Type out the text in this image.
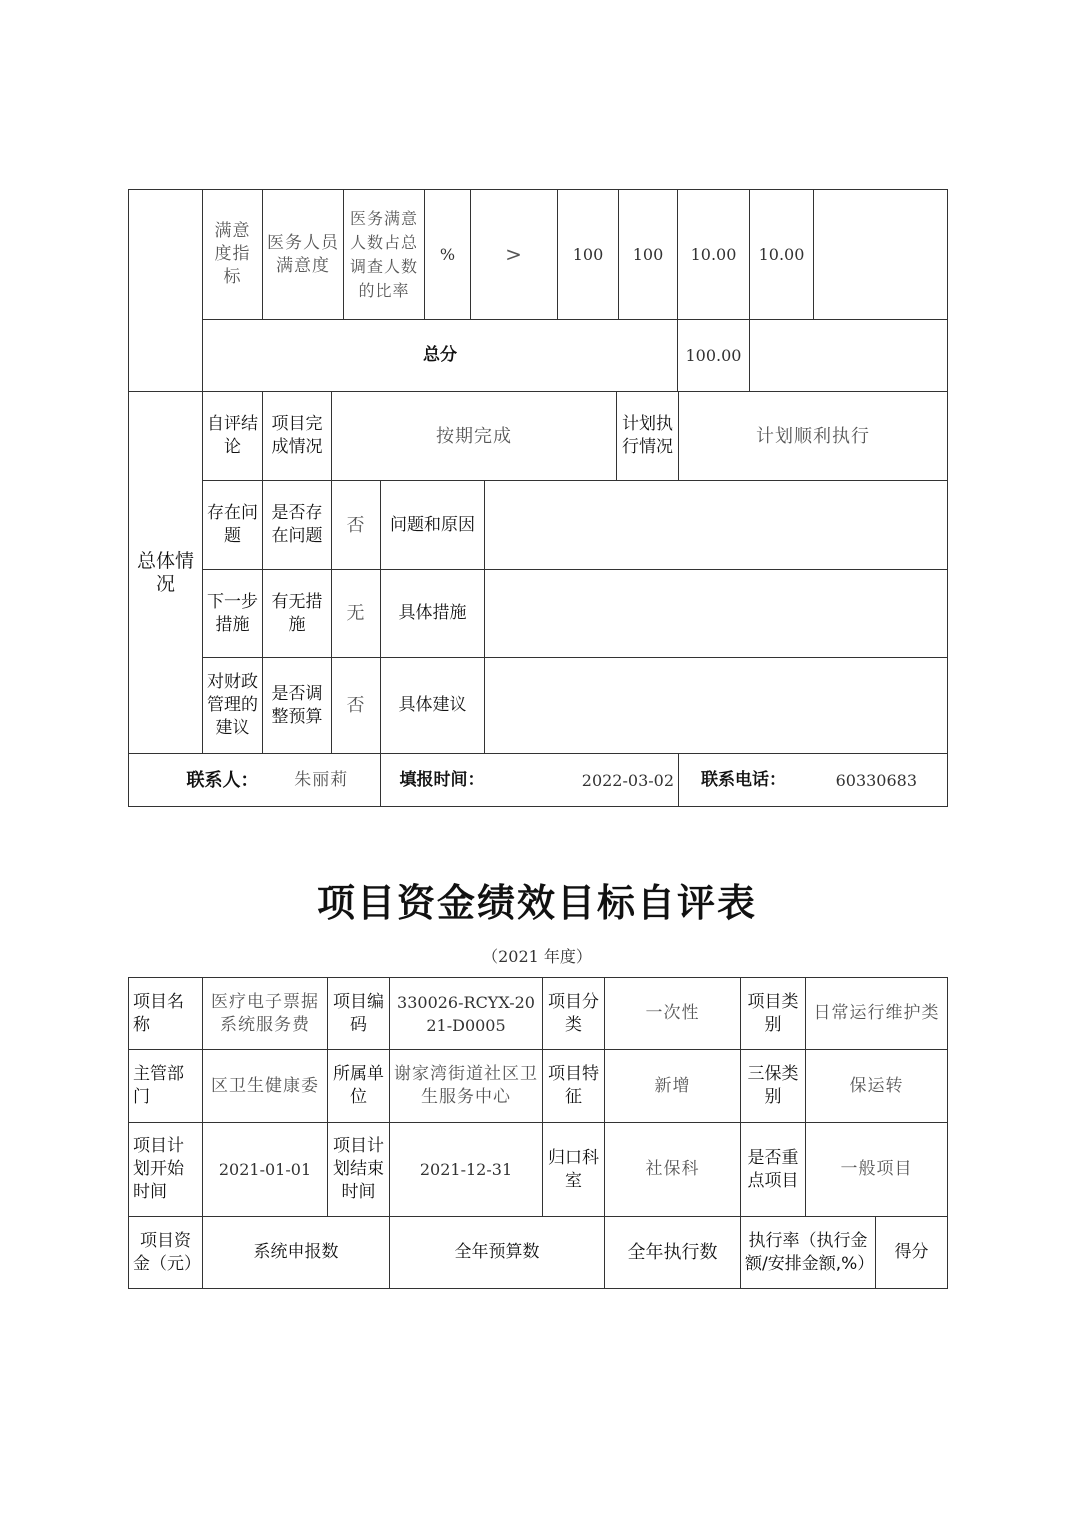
	满意度指标	医务人员满意度	医务满意人数占总调查人数的比率	%	>	100	100	10.00	10.00	
	总分							100.00		
总体情况	自评结论	项目完成情况	按期完成			计划执行情况	计划顺利执行
	存在问题	是否存在问题	否	问题和原因			
	下一步措施	有无措施	无	具体措施			
	对财政管理的建议	是否调整预算	否	具体建议			
联系人：		朱丽莉		填报时间：	2022-03-02		联系电话： 60330683
项目资金绩效目标自评表
（2021 年度）
项目名称	医疗电子票据系统服务费	项目编码	330026-RCYX-2021-D0005	项目分类	一次性	项目类别	日常运行维护类	
主管部门	区卫生健康委	所属单位	谢家湾街道社区卫生服务中心	项目特征	新增	三保类别	保运转	
项目计划开始时间	2021-01-01	项目计划结束时间	2021-12-31	归口科室	社保科	是否重点项目	一般项目	
项目资金（元）	系统申报数		全年预算数		全年执行数	执行率（执行金额/安排金额,%）		得分
